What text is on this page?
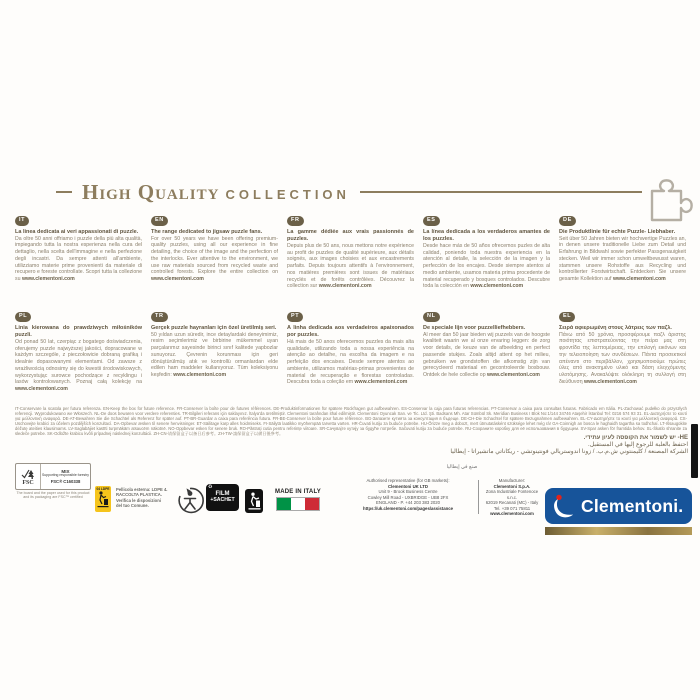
High Quality COLLECTION
IT
La linea dedicata ai veri appassionati di puzzle.
Da oltre 50 anni offriamo i puzzle della più alta qualità, impiegando tutta la nostra esperienza nella cura del dettaglio, nella scelta dell'immagine e nella perfezione degli incastri. Da sempre attenti all'ambiente, utilizziamo materie prime provenienti da materiale di recupero e foreste controllate. Scopri tutta la collezione su www.clementoni.com
EN
The range dedicated to jigsaw puzzle fans.
For over 50 years we have been offering premium-quality puzzles, using all our experience in fine detailing, the choice of the image and the perfection of the interlocks. Ever attentive to the environment, we use raw materials sourced from recycled waste and controlled forests. Explore the entire collection on www.clementoni.com
FR
La gamme dédiée aux vrais passionnés de puzzles.
Depuis plus de 50 ans, nous mettons notre expérience au profit de puzzles de qualité supérieure, aux détails soignés, aux images choisies et aux encastrements parfaits. Depuis toujours attentifs à l'environnement, nos matières premières sont issues de matériaux recyclés et de forêts contrôlées. Découvrez la collection sur www.clementoni.com
ES
La línea dedicada a los verdaderos amantes de los puzzles.
Desde hace más de 50 años ofrecemos puzles de alta calidad, poniendo toda nuestra experiencia en la atención al detalle, la selección de la imagen y la perfección de los encajes. Desde siempre atentos al medio ambiente, usamos materia prima procedente de material recuperado y bosques controlados. Descubre toda la colección en www.clementoni.com
DE
Die Produktlinie für echte Puzzle- Liebhaber.
Seit über 50 Jahren bieten wir hochwertige Puzzles an, in denen unsere traditionelle Liebe zum Detail und Erfahrung in Bildwahl sowie perfekter Passgenauigkeit stecken. Weil wir immer schon umweltbewusst waren, stammen unsere Rohstoffe aus Recycling und kontrollierter Forstwirtschaft. Entdecken Sie unsere gesamte Kollektion auf www.clementoni.com
PL
Linia kierowana do prawdziwych miłośników puzzli.
Od ponad 50 lat, czerpiąc z bogatego doświadczenia, oferujemy puzzle najwyższej jakości, dopracowane w każdym szczególe, z pieczołowicie dobraną grafiką i idealnie dopasowanymi elementami. Od zawsze z wrażliwością odnosimy się do kwestii środowiskowych, wykorzystując surowce pochodzące z recyklingu i lasów kontrolowanych. Poznaj całą kolekcję na www.clementoni.com
TR
Gerçek puzzle hayranları için özel üretilmiş seri.
50 yıldan uzun süredir, ince detaylardaki deneyimimiz, resim seçimlerimiz ve birbirine mükemmel uyan parçalarımız sayesinde birinci sınıf kalitede yapbozlar sunuyoruz. Çevrenin korunması için geri dönüştürülmüş atık ve kontrollü ormanlardan elde edilen ham maddeler kullanıyoruz. Tüm koleksiyonu keşfedin: www.clementoni.com
PT
A linha dedicada aos verdadeiros apaixonados por puzzles.
Há mais de 50 anos oferecemos puzzles da mais alta qualidade, utilizando toda a nossa experiência na atenção ao detalhe, na escolha da imagem e na perfeição dos encaixes. Desde sempre atentos ao ambiente, utilizamos matérias-primas provenientes de material de recuperação e florestas controladas. Descubra toda a coleção em www.clementoni.com
NL
De speciale lijn voor puzzelliefhebbers.
Al meer dan 50 jaar bieden wij puzzels van de hoogste kwaliteit waarin we al onze ervaring leggen: de zorg voor details, de keuze van de afbeelding en perfect passende stukjes. Zoals altijd attent op het milieu, gebruiken we grondstoffen die afkomstig zijn van gerecycleerd materiaal en gecontroleerde bosbouw. Ontdek de hele collectie op www.clementoni.com
EL
Σειρά αφιερωμένη στους λάτρεις των παζλ.
Πάνω από 50 χρόνια, προσφέρουμε παζλ άριστης ποιότητας επιστρατεύοντας την πείρα μας στη φροντίδα της λεπτομέρειας, την επιλογή εικόνων και την τελειοποίηση των συνδέσεων. Πάντα προσεκτικοί απέναντι στο περιβάλλον, χρησιμοποιούμε πρώτες ύλες από ανακτημένο υλικό και δάση ελεγχόμενης υλοτόμησης. Ανακαλύψτε ολόκληρη τη συλλογή στη διεύθυνση www.clementoni.com
IT-Conservare la scatola per futura referenza. EN-Keep the box for future reference. FR-Conserver la boîte pour de futures références. DE-Produktinformationen für spätere Rückfragen gut aufbewahren. ES-Conservar la caja para futuras referencias. PT-Conservar a caixa para consultas futuras. Fabricado em Itália. PL-Zachować pudełko do przyszłych referencji. Wyprodukowano we Włoszech. NL-De doos bewaren voor verdere referenties. TR-Bilgileri referans için saklayınız. İtalya'da üretilmiştir. Clementoni tarafından ithal edilmiştir. Clementoni Oyuncak San. ve Tic. Ltd. Şti. Badsans Mh. Atar Sümbül Sk. Meridian Business I Blok No:1/144 34746 Ataşehir İstanbul Tel: 0216 574 93 31. EL-Διατηρήστε το κουτί για μελλοντική αναφορά. DE-AT-Bewahren Sie die Schachtel als Referenz für später auf. PT-BR-Guardar a caixa para referência futura. FR-BE-Conserver la boîte pour future référence. BG-Запазете кутията за консултация в бъдеще. DE-CH-Die Schachtel für spätere Bezugnahmen aufbewahren. EL-CY-Διατηρήστε το κουτί για μελλοντική αναφορά. CS-Uschovejte krabici za účelem pozdějších konzultací. DA-Opbevar æsken til senere henvisninger. ET-Säilitage karp alles hoidmiseks. FI-Säilytä laatikko myöhempää tarvetta varten. HR-Čuvati kutiju za buduće potrebe. HU-Őrizze meg a dobozt, mert útmutatásként szüksége lehet még rá! GA-Coinnigh an bosca le haghaidh tagartha sa todhchaí. LT-Išsaugokite dėžutę ateities klausimams. LV-Saglabājiet kastīti turpmākām atsaucēm nākotnē. NO-Oppbevar esken for senere bruk. RO-Păstrați cutia pentru referințe viitoare. SR-Сачувајте кутију за будуће потребе. Sačuvati kutiju za buduće potrebe. RU-Сохраните коробку для её использования в будущем. SV-Spar asken för framtida behov. SL-Škatlo shranite za sledeče potrebe. SK-Odložte krabicu kvôli prípadnej následnej konzultácii. ZH-CN-请保留盒子以备日后参考。ZH-TW-請保留盒子以備日後參考。
HE- יש לשמור את הקופסה לעיון עתידי.
احتفظ بالعلبة للرجوع إليها في المستقبل.
الشركة المصنعة / كليمنتوني ش.م.ب. / زونا اندوستريالي فونتينوتشي - ريكاناتي ماتشيراتا - إيطاليا
صنع في إيطاليا
FSC
MIX
Supporting responsible forestry
FSC® C160338
The board and the paper used for this product and its packaging are FSC™ certified
04 LDPE Pellicola esterna: LDPE 4. RACCOLTA PLASTICA. Verifica le disposizioni del tuo Comune.
♻
FILM
+SACHET
MADE IN ITALY
Authorised representative (for GB markets):
Clementoni UK LTD
Unit 9 - Brook Business Centre
Cowley Mill Road - UXBRIDGE - UB8 2FX
ENGLAND - P. +44 203 383 2020
https://uk.clementoni.com/pages/assistance
Manufacturer:
Clementoni S.p.A.
Zona Industriale Fontenoce s.n.c.
62019 Recanati (MC) - Italy
Tel. +39 071 75811
www.clementoni.com	Clementoni.
